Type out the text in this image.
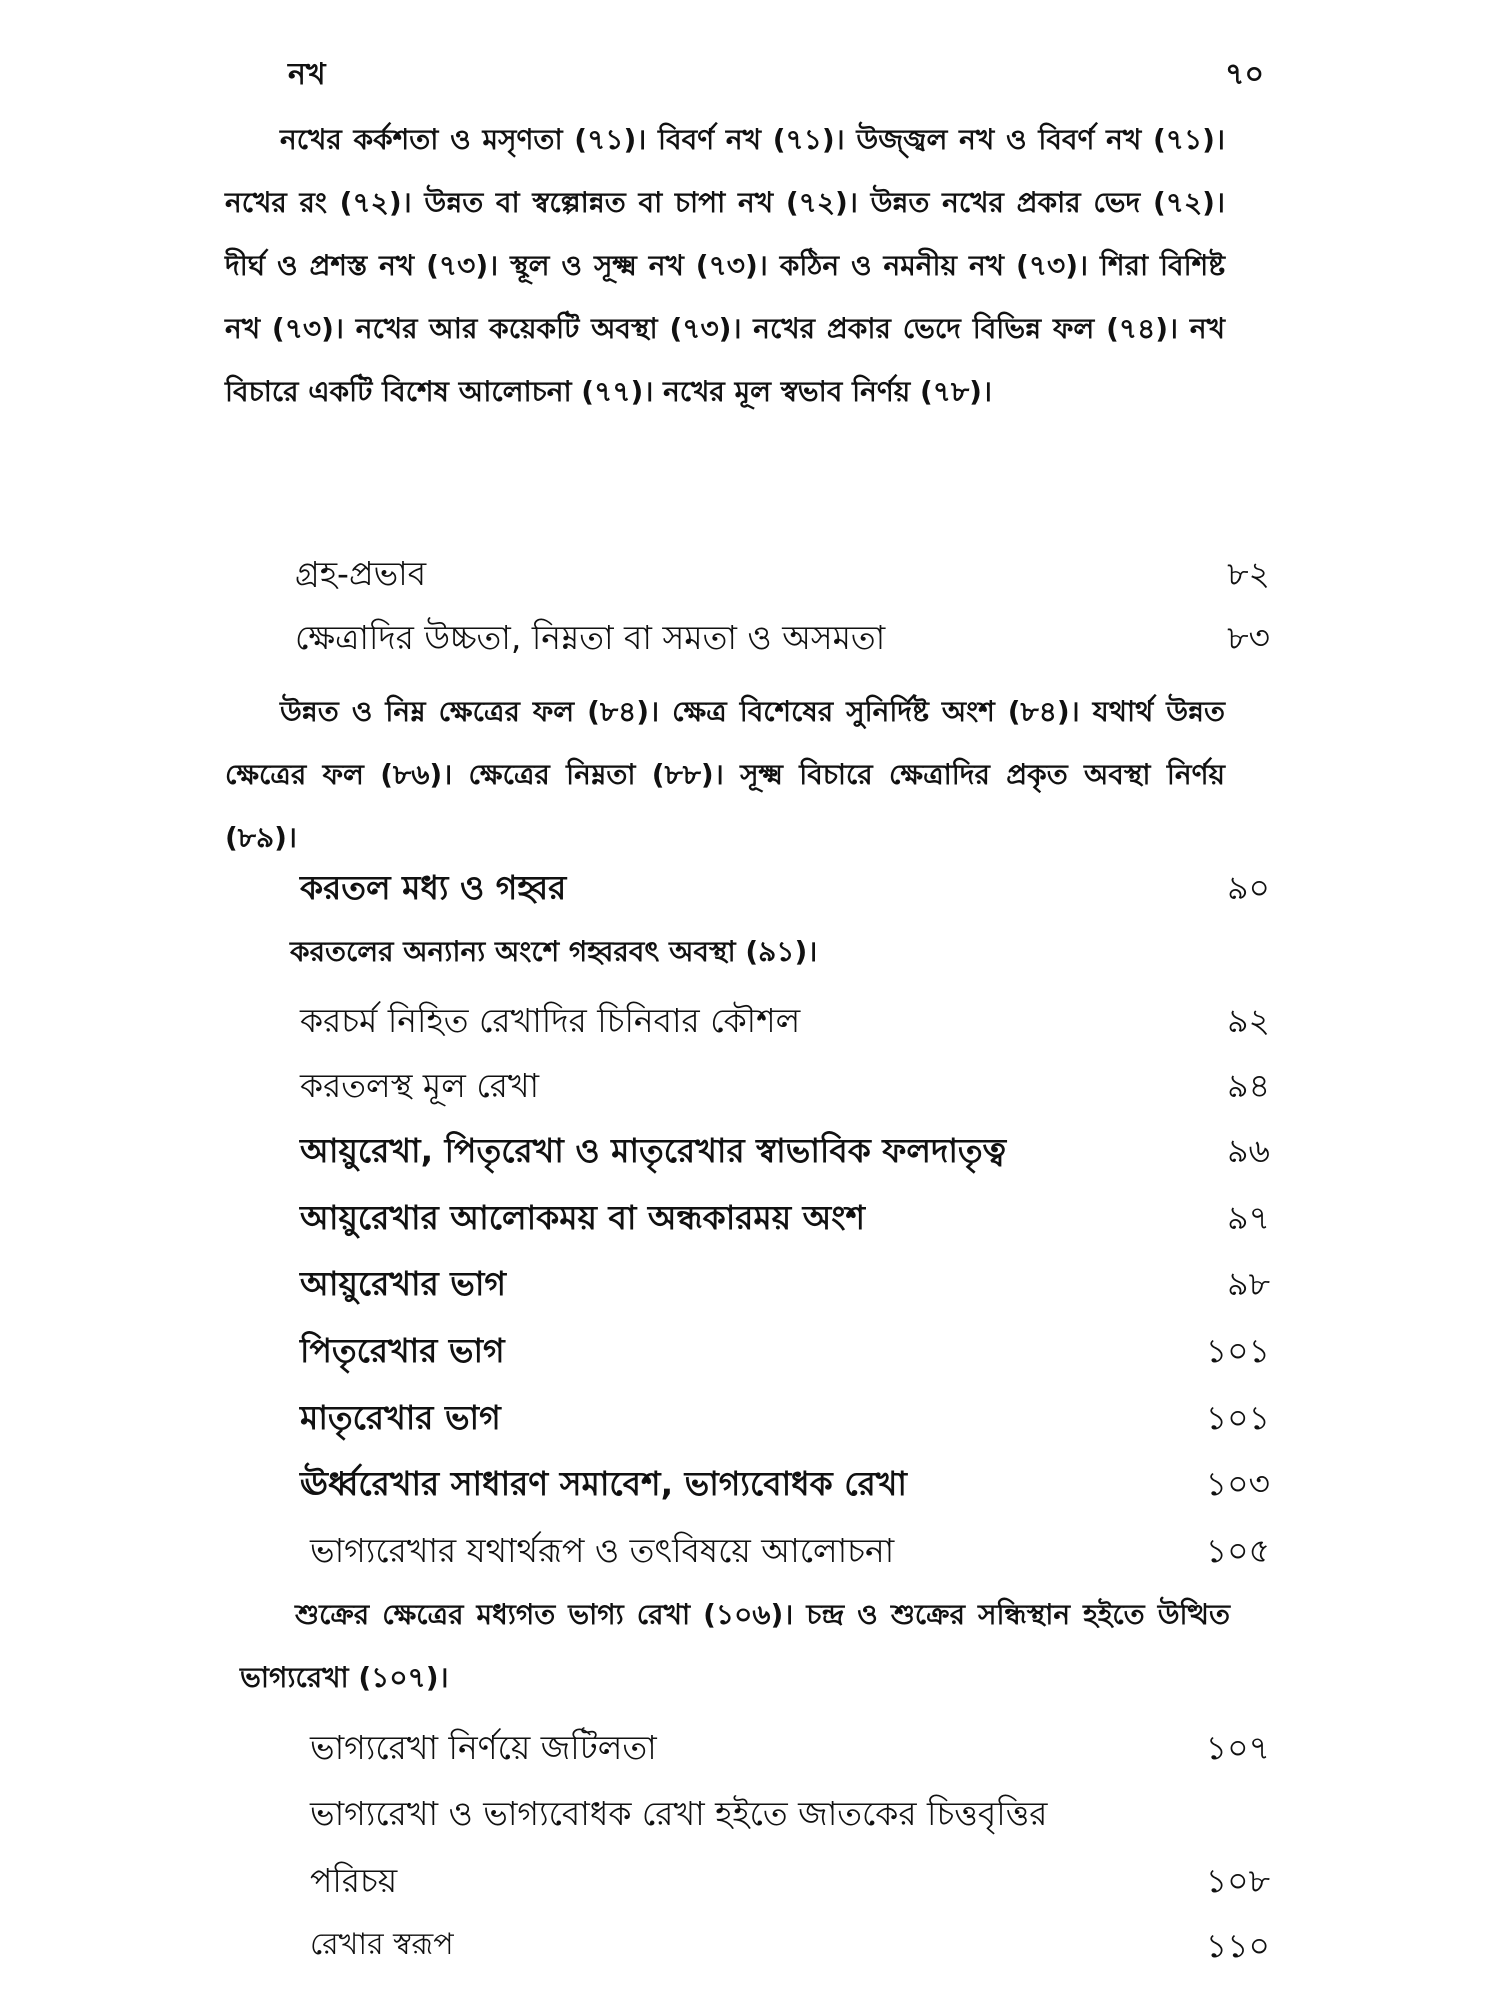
নখ	৭০
নখের কর্কশতা ও মসৃণতা (৭১)। বিবর্ণ নখ (৭১)। উজ্জ্বল নখ ও বিবর্ণ নখ (৭১)। নখের রং (৭২)। উন্নত বা স্বল্পোন্নত বা চাপা নখ (৭২)। উন্নত নখের প্রকার ভেদ (৭২)। দীর্ঘ ও প্রশস্ত নখ (৭৩)। স্থূল ও সূক্ষ্ম নখ (৭৩)। কঠিন ও নমনীয় নখ (৭৩)। শিরা বিশিষ্ট নখ (৭৩)। নখের আর কয়েকটি অবস্থা (৭৩)। নখের প্রকার ভেদে বিভিন্ন ফল (৭৪)। নখ বিচারে একটি বিশেষ আলোচনা (৭৭)। নখের মূল স্বভাব নির্ণয় (৭৮)।
গ্রহ-প্রভাব	৮২
ক্ষেত্রাদির উচ্চতা, নিম্নতা বা সমতা ও অসমতা	৮৩
উন্নত ও নিম্ন ক্ষেত্রের ফল (৮৪)। ক্ষেত্র বিশেষের সুনির্দিষ্ট অংশ (৮৪)। যথার্থ উন্নত ক্ষেত্রের ফল (৮৬)। ক্ষেত্রের নিম্নতা (৮৮)। সূক্ষ্ম বিচারে ক্ষেত্রাদির প্রকৃত অবস্থা নির্ণয় (৮৯)।
করতল মধ্য ও গহ্বর	৯০
করতলের অন্যান্য অংশে গহ্বরবৎ অবস্থা (৯১)।
করচর্ম নিহিত রেখাদির চিনিবার কৌশল	৯২
করতলস্থ মূল রেখা	৯৪
আয়ুরেখা, পিতৃরেখা ও মাতৃরেখার স্বাভাবিক ফলদাতৃত্ব	৯৬
আয়ুরেখার আলোকময় বা অন্ধকারময় অংশ	৯৭
আয়ুরেখার ভাগ	৯৮
পিতৃরেখার ভাগ	১০১
মাতৃরেখার ভাগ	১০১
ঊর্ধ্বরেখার সাধারণ সমাবেশ, ভাগ্যবোধক রেখা	১০৩
ভাগ্যরেখার যথার্থরূপ ও তৎবিষয়ে আলোচনা	১০৫
শুক্রের ক্ষেত্রের মধ্যগত ভাগ্য রেখা (১০৬)। চন্দ্র ও শুক্রের সন্ধিস্থান হইতে উত্থিত ভাগ্যরেখা (১০৭)।
ভাগ্যরেখা নির্ণয়ে জটিলতা	১০৭
ভাগ্যরেখা ও ভাগ্যবোধক রেখা হইতে জাতকের চিত্তবৃত্তির
পরিচয়	১০৮
রেখার স্বরূপ	১১০
